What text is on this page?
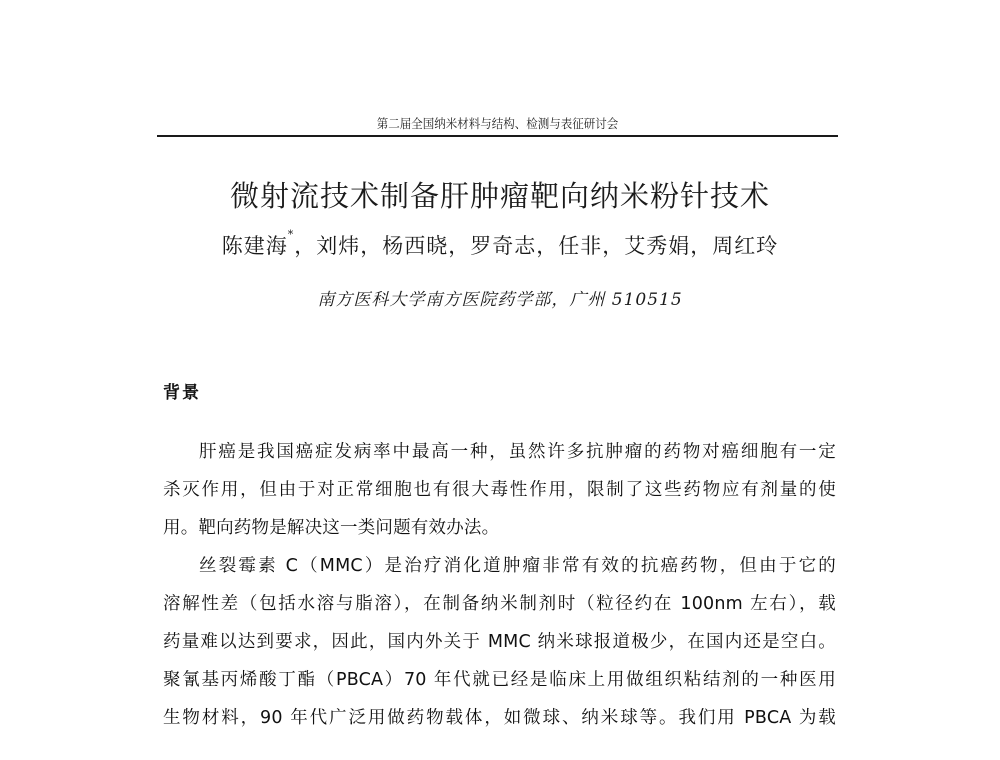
第二届全国纳米材料与结构、检测与表征研讨会
微射流技术制备肝肿瘤靶向纳米粉针技术
陈建海*，刘炜，杨西晓，罗奇志，任非，艾秀娟，周红玲
南方医科大学南方医院药学部，广州 510515
背景
肝癌是我国癌症发病率中最高一种，虽然许多抗肿瘤的药物对癌细胞有一定
杀灭作用，但由于对正常细胞也有很大毒性作用，限制了这些药物应有剂量的使
用。靶向药物是解决这一类问题有效办法。
丝裂霉素 C（MMC）是治疗消化道肿瘤非常有效的抗癌药物，但由于它的
溶解性差（包括水溶与脂溶），在制备纳米制剂时（粒径约在 100nm 左右），载
药量难以达到要求，因此，国内外关于 MMC 纳米球报道极少，在国内还是空白。
聚氰基丙烯酸丁酯（PBCA）70 年代就已经是临床上用做组织粘结剂的一种医用
生物材料，90 年代广泛用做药物载体，如微球、纳米球等。我们用 PBCA 为载
